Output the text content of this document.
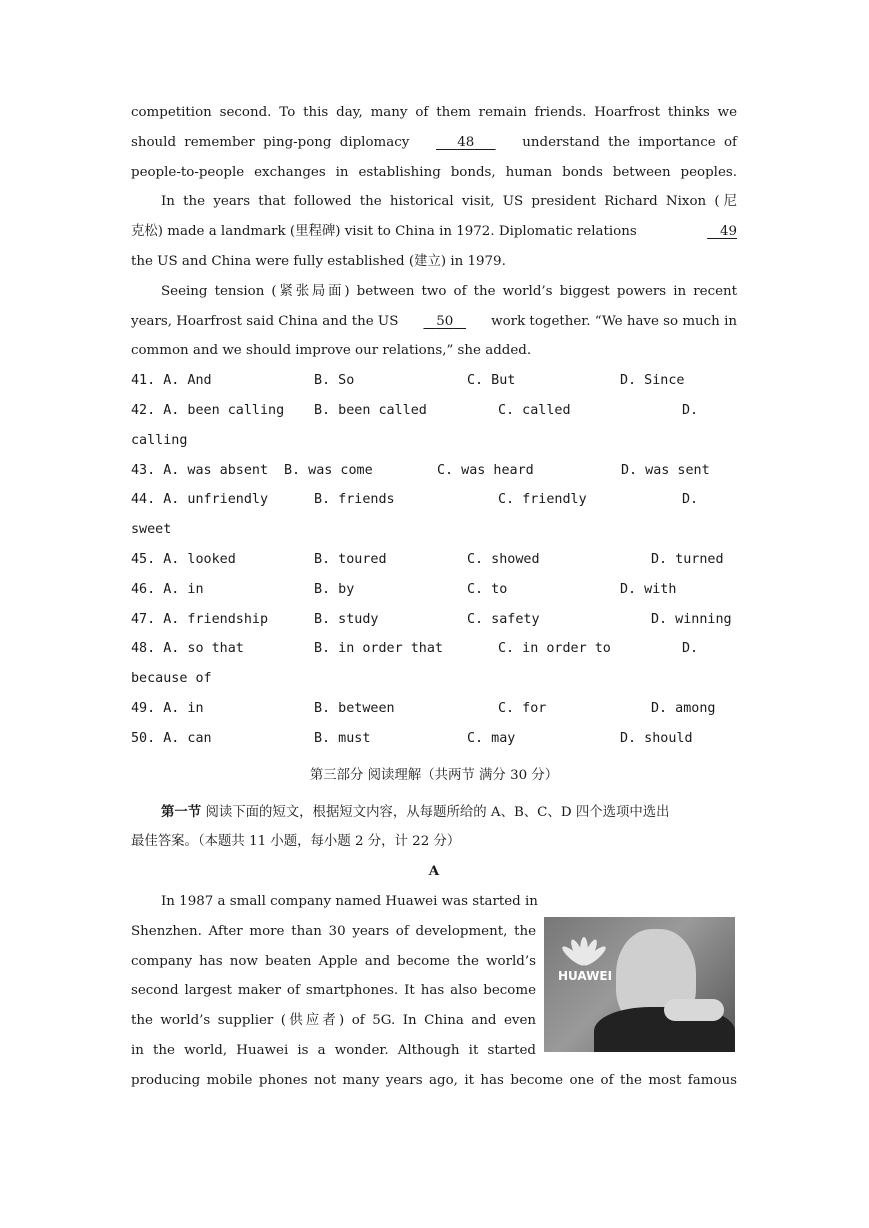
competition second. To this day, many of them remain friends. Hoarfrost thinks we
should remember ping-pong diplomacy	48	understand the importance of
people-to-people exchanges in establishing bonds, human bonds between peoples.
In the years that followed the historical visit, US president Richard Nixon (尼
克松) made a landmark (里程碑) visit to China in 1972. Diplomatic relations	49
the US and China were fully established (建立) in 1979.
Seeing tension (紧张局面) between two of the world’s biggest powers in recent
years, Hoarfrost said China and the US	50	work together. “We have so much in
common and we should improve our relations,” she added.
41. A. And	B. So	C. But	D. Since
42. A. been calling	B. been called	C. called	D.
calling
43. A. was absent	B. was come	C. was heard	D. was sent
44. A. unfriendly	B. friends	C. friendly	D.
sweet
45. A. looked	B. toured	C. showed	D. turned
46. A. in	B. by	C. to	D. with
47. A. friendship	B. study	C. safety	D. winning
48. A. so that	B. in order that	C. in order to	D.
because of
49. A. in	B. between	C. for	D. among
50. A. can	B. must	C. may	D. should
第三部分 阅读理解（共两节 满分 30 分）
第一节 阅读下面的短文，根据短文内容，从每题所给的 A、B、C、D 四个选项中选出
最佳答案。（本题共 11 小题，每小题 2 分，计 22 分）
A
In 1987 a small company named Huawei was started in
Shenzhen. After more than 30 years of development, the
company has now beaten Apple and become the world’s
second largest maker of smartphones. It has also become
the world’s supplier (供应者) of 5G. In China and even
in the world, Huawei is a wonder. Although it started
producing mobile phones not many years ago, it has become one of the most famous
HUAWEI
